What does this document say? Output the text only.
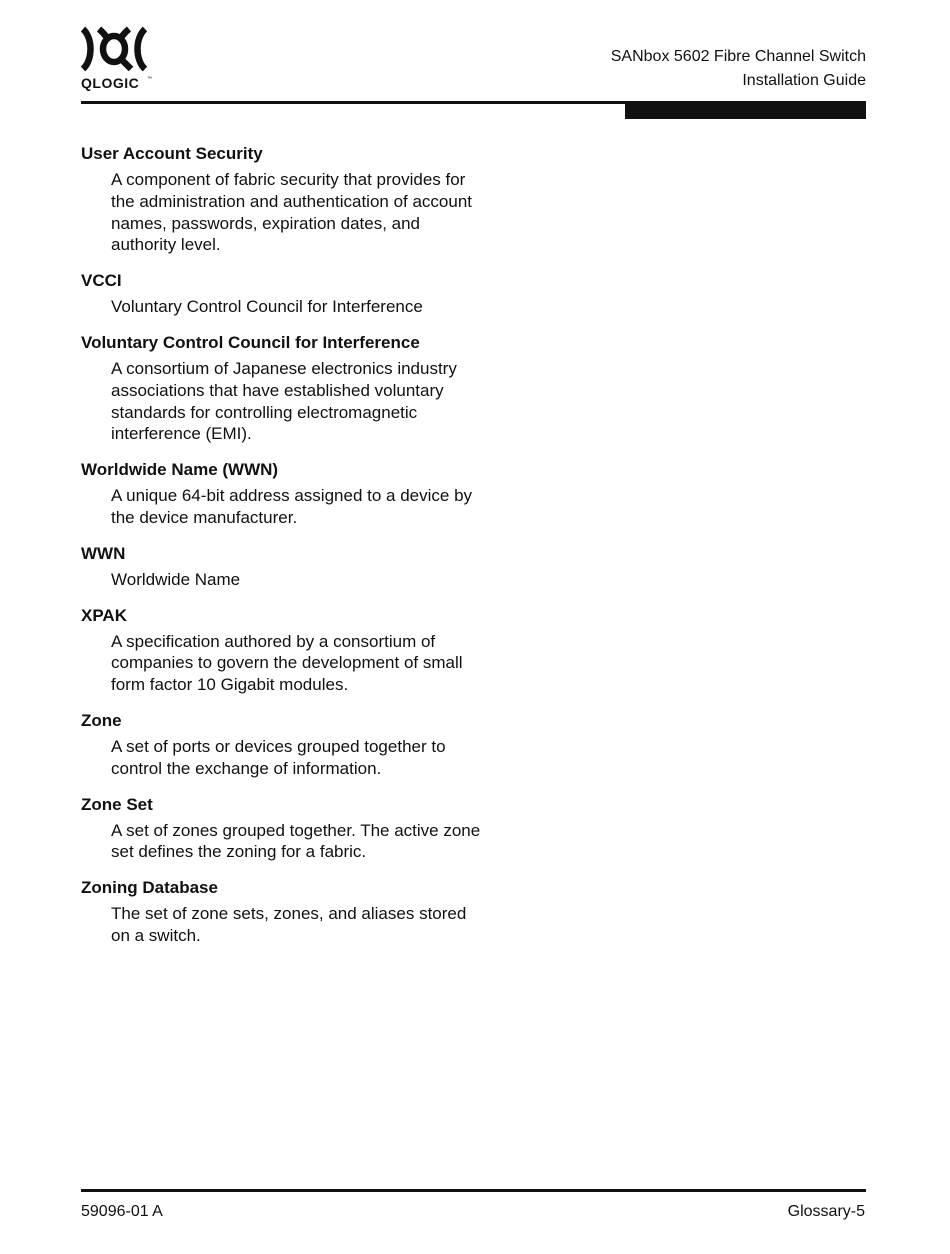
QLOGIC ™
SANbox 5602 Fibre Channel Switch
Installation Guide
User Account Security
A component of fabric security that provides for the administration and authentication of account names, passwords, expiration dates, and authority level.
VCCI
Voluntary Control Council for Interference
Voluntary Control Council for Interference
A consortium of Japanese electronics industry associations that have established voluntary standards for controlling electromagnetic interference (EMI).
Worldwide Name (WWN)
A unique 64-bit address assigned to a device by the device manufacturer.
WWN
Worldwide Name
XPAK
A specification authored by a consortium of companies to govern the development of small form factor 10 Gigabit modules.
Zone
A set of ports or devices grouped together to control the exchange of information.
Zone Set
A set of zones grouped together. The active zone set defines the zoning for a fabric.
Zoning Database
The set of zone sets, zones, and aliases stored on a switch.
59096-01 A	Glossary-5
